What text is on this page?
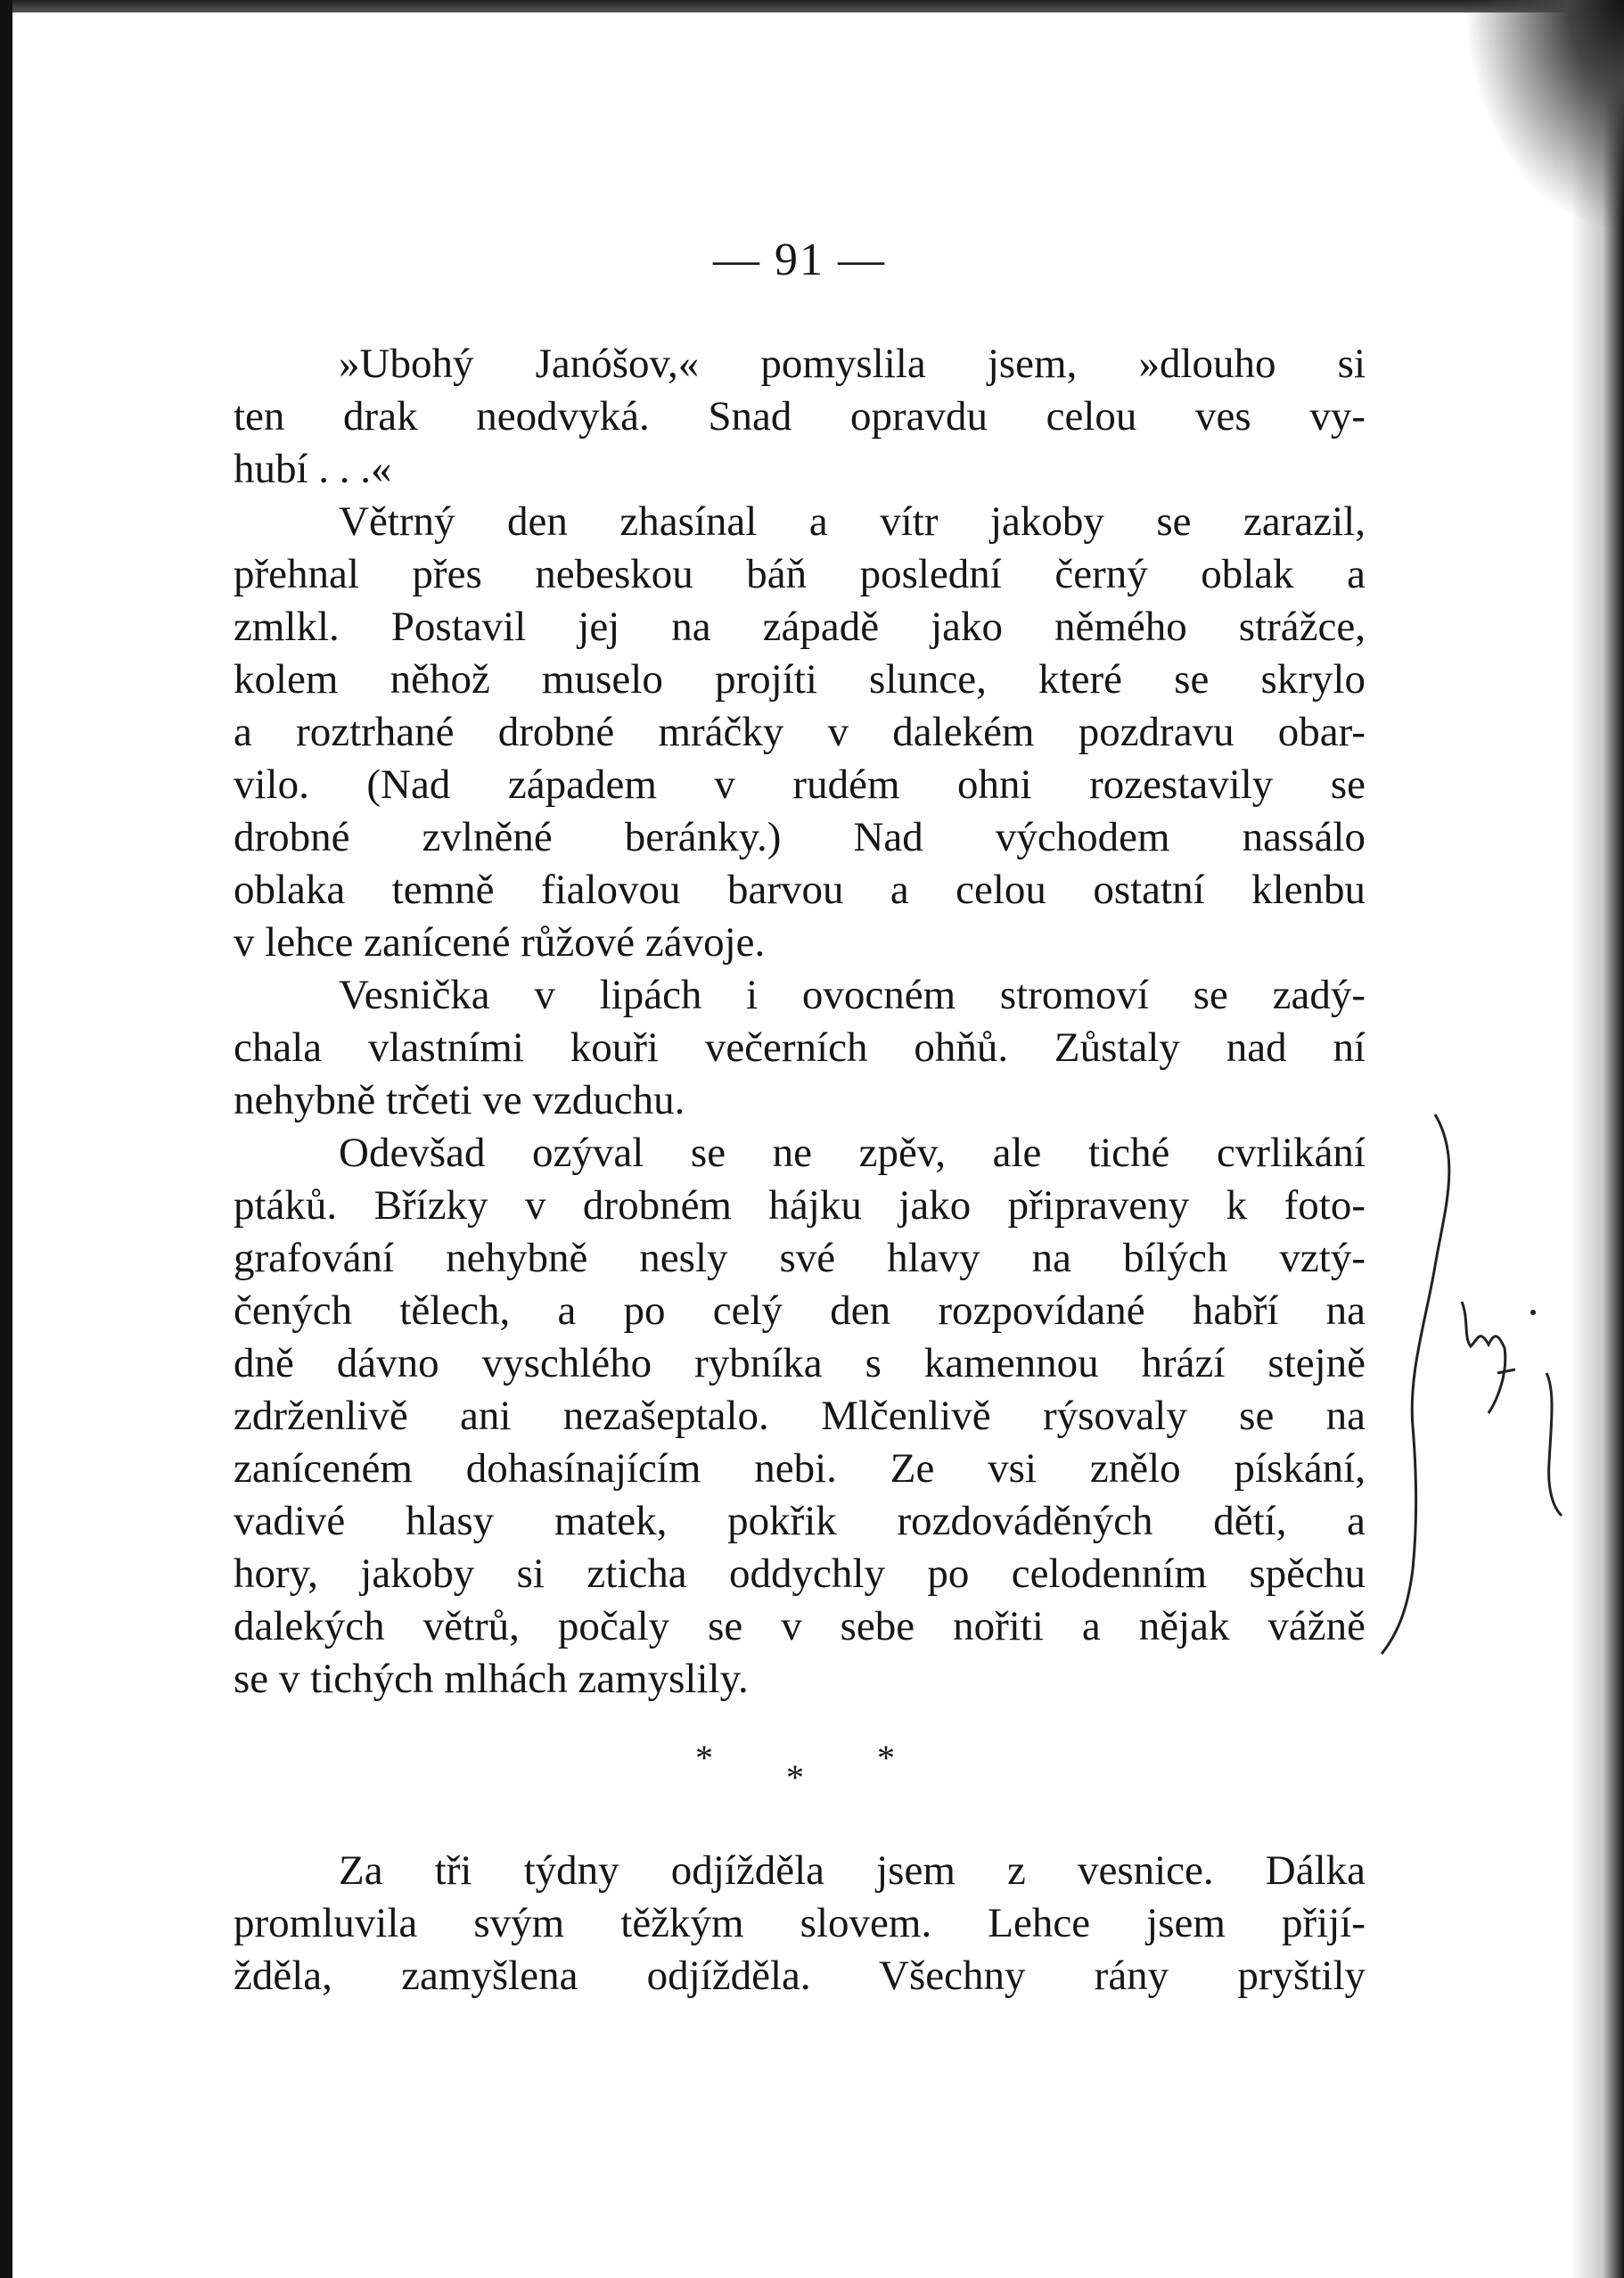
— 91 —
»Ubohý Janóšov,« pomyslila jsem, »dlouho si
ten drak neodvyká. Snad opravdu celou ves vy-
hubí . . .«
Větrný den zhasínal a vítr jakoby se zarazil,
přehnal přes nebeskou báň poslední černý oblak a
zmlkl. Postavil jej na západě jako němého strážce,
kolem něhož muselo projíti slunce, které se skrylo
a roztrhané drobné mráčky v dalekém pozdravu obar-
vilo. (Nad západem v rudém ohni rozestavily se
drobné zvlněné beránky.) Nad východem nassálo
oblaka temně fialovou barvou a celou ostatní klenbu
v lehce zanícené růžové závoje.
Vesnička v lipách i ovocném stromoví se zadý-
chala vlastními kouři večerních ohňů. Zůstaly nad ní
nehybně trčeti ve vzduchu.
Odevšad ozýval se ne zpěv, ale tiché cvrlikání
ptáků. Břízky v drobném hájku jako připraveny k foto-
grafování nehybně nesly své hlavy na bílých vztý-
čených tělech, a po celý den rozpovídané habří na
dně dávno vyschlého rybníka s kamennou hrází stejně
zdrženlivě ani nezašeptalo. Mlčenlivě rýsovaly se na
zaníceném dohasínajícím nebi. Ze vsi znělo pískání,
vadivé hlasy matek, pokřik rozdováděných dětí, a
hory, jakoby si zticha oddychly po celodenním spěchu
dalekých větrů, počaly se v sebe nořiti a nějak vážně
se v tichých mlhách zamyslily.
* * *
Za tři týdny odjížděla jsem z vesnice. Dálka
promluvila svým těžkým slovem. Lehce jsem přijí-
žděla, zamyšlena odjížděla. Všechny rány pryštily
